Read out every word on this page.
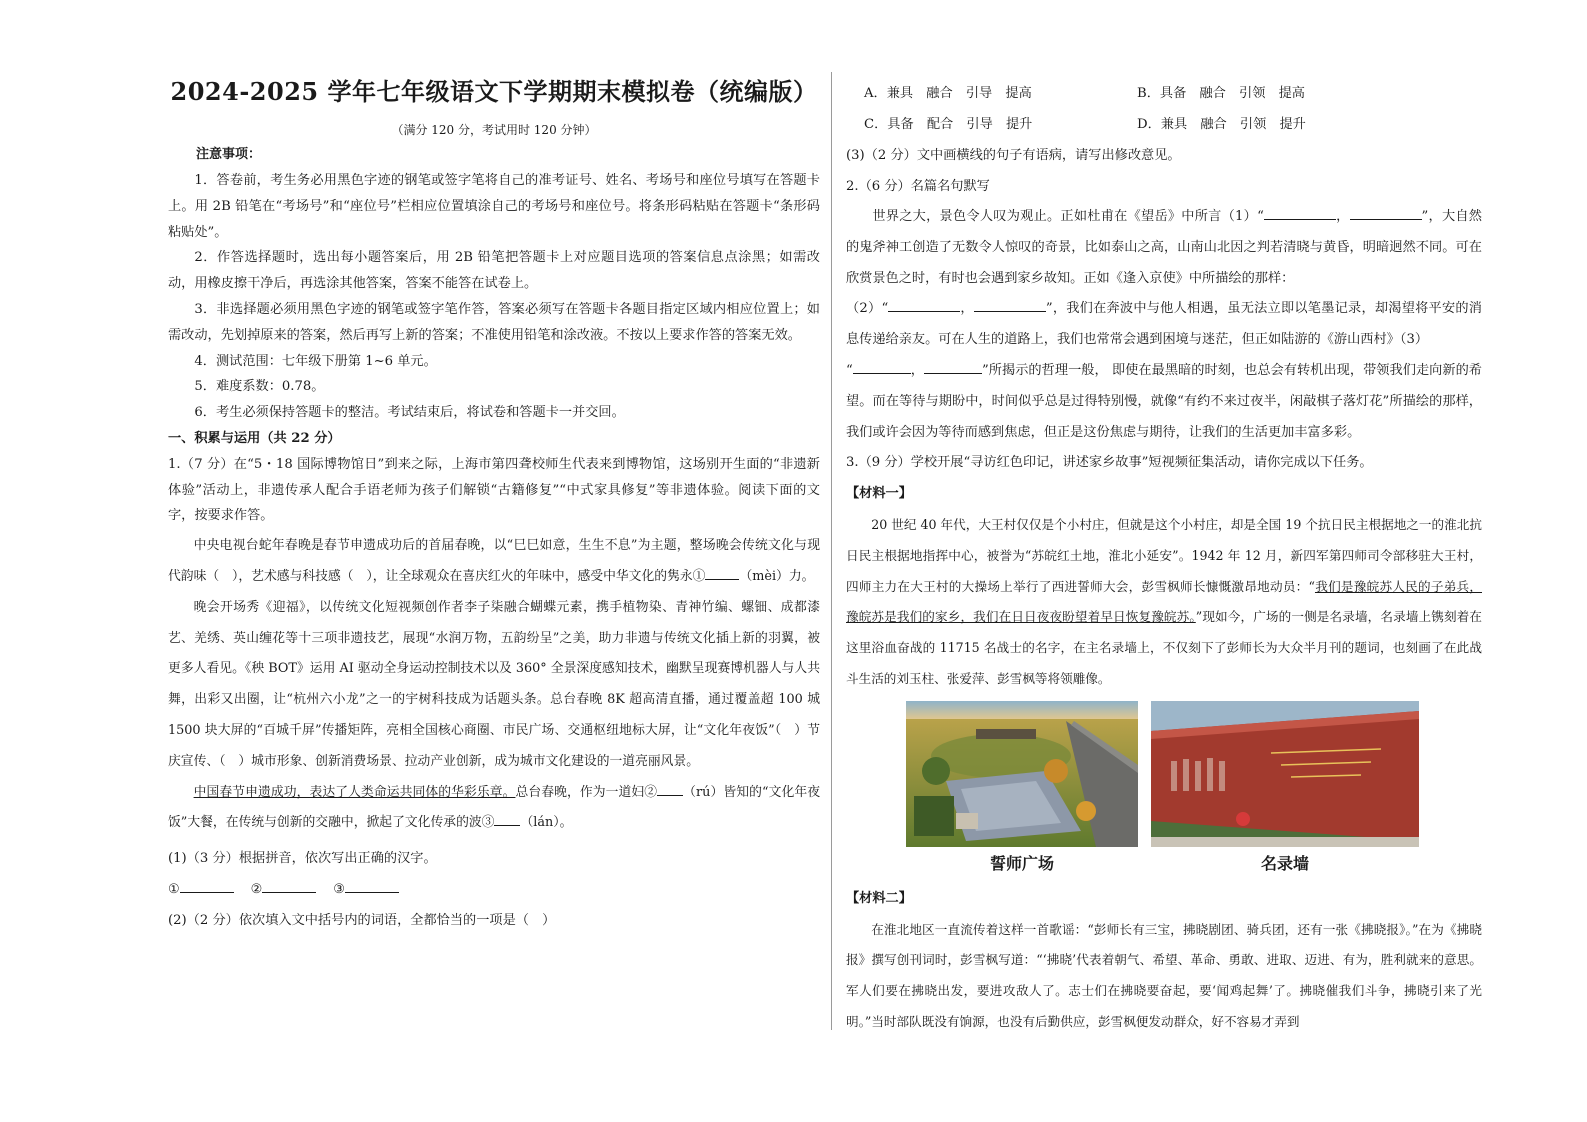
2024-2025 学年七年级语文下学期期末模拟卷（统编版）

（满分 120 分，考试用时 120 分钟）

注意事项：

1．答卷前，考生务必用黑色字迹的钢笔或签字笔将自己的准考证号、姓名、考场号和座位号填写在答题卡上。用 2B 铅笔在“考场号”和“座位号”栏相应位置填涂自己的考场号和座位号。将条形码粘贴在答题卡“条形码粘贴处”。

2．作答选择题时，选出每小题答案后，用 2B 铅笔把答题卡上对应题目选项的答案信息点涂黑；如需改动，用橡皮擦干净后，再选涂其他答案，答案不能答在试卷上。

3．非选择题必须用黑色字迹的钢笔或签字笔作答，答案必须写在答题卡各题目指定区域内相应位置上；如需改动，先划掉原来的答案，然后再写上新的答案；不准使用铅笔和涂改液。不按以上要求作答的答案无效。

4．测试范围：七年级下册第 1~6 单元。

5．难度系数：0.78。

6．考生必须保持答题卡的整洁。考试结束后，将试卷和答题卡一并交回。

一、积累与运用（共 22 分）

1.（7 分）在“5・18 国际博物馆日”到来之际，上海市第四聋校师生代表来到博物馆，这场别开生面的“非遗新体验”活动上，非遗传承人配合手语老师为孩子们解锁“古籍修复”“中式家具修复”等非遗体验。阅读下面的文字，按要求作答。

中央电视台蛇年春晚是春节申遗成功后的首届春晚，以“巳巳如意，生生不息”为主题，整场晚会传统文化与现代韵味（　），艺术感与科技感（　），让全球观众在喜庆红火的年味中，感受中华文化的隽永①	（mèi）力。

晚会开场秀《迎福》，以传统文化短视频创作者李子柒融合蝴蝶元素，携手植物染、青神竹编、螺钿、成都漆艺、羌绣、英山缠花等十三项非遗技艺，展现“水润万物，五韵纷呈”之美，助力非遗与传统文化插上新的羽翼，被更多人看见。《秧 BOT》运用 AI 驱动全身运动控制技术以及 360° 全景深度感知技术，幽默呈现赛博机器人与人共舞，出彩又出圈，让“杭州六小龙”之一的宇树科技成为话题头条。总台春晚 8K 超高清直播，通过覆盖超 100 城 1500 块大屏的“百城千屏”传播矩阵，亮相全国核心商圈、市民广场、交通枢纽地标大屏，让“文化年夜饭”（　）节庆宣传、（　）城市形象、创新消费场景、拉动产业创新，成为城市文化建设的一道亮丽风景。

中国春节申遗成功，表达了人类命运共同体的华彩乐章。总台春晚，作为一道妇② （rú）皆知的“文化年夜饭”大餐，在传统与创新的交融中，掀起了文化传承的波③ （lán）。

(1)（3 分）根据拼音，依次写出正确的汉字。

①	②	③

(2)（2 分）依次填入文中括号内的词语，全都恰当的一项是（　）

A．兼具　融合　引导　提高	B．具备　融合　引领　提高
C．具备　配合　引导　提升	D．兼具　融合　引领　提升

(3)（2 分）文中画横线的句子有语病，请写出修改意见。

2.（6 分）名篇名句默写

世界之大，景色令人叹为观止。正如杜甫在《望岳》中所言（1）“	，	”，大自然的鬼斧神工创造了无数令人惊叹的奇景，比如泰山之高，山南山北因之判若清晓与黄昏，明暗迥然不同。可在欣赏景色之时，有时也会遇到家乡故知。正如《逢入京使》中所描绘的那样：

（2）“	，	”，我们在奔波中与他人相遇，虽无法立即以笔墨记录，却渴望将平安的消息传递给亲友。可在人生的道路上，我们也常常会遇到困境与迷茫，但正如陆游的《游山西村》（3）
“	，	”所揭示的哲理一般， 即使在最黑暗的时刻，也总会有转机出现，带领我们走向新的希望。而在等待与期盼中，时间似乎总是过得特别慢，就像“有约不来过夜半，闲敲棋子落灯花”所描绘的那样，我们或许会因为等待而感到焦虑，但正是这份焦虑与期待，让我们的生活更加丰富多彩。

3.（9 分）学校开展“寻访红色印记，讲述家乡故事”短视频征集活动，请你完成以下任务。

【材料一】

20 世纪 40 年代，大王村仅仅是个小村庄，但就是这个小村庄，却是全国 19 个抗日民主根据地之一的淮北抗日民主根据地指挥中心，被誉为“苏皖红土地，淮北小延安”。1942 年 12 月，新四军第四师司令部移驻大王村，四师主力在大王村的大操场上举行了西进誓师大会，彭雪枫师长慷慨激昂地动员：“我们是豫皖苏人民的子弟兵，豫皖苏是我们的家乡，我们在日日夜夜盼望着早日恢复豫皖苏。”现如今，广场的一侧是名录墙，名录墙上镌刻着在这里浴血奋战的 11715 名战士的名字，在主名录墙上，不仅刻下了彭师长为大众半月刊的题词，也刻画了在此战斗生活的刘玉柱、张爱萍、彭雪枫等将领雕像。

誓师广场	名录墙

【材料二】

在淮北地区一直流传着这样一首歌谣：“彭师长有三宝，拂晓剧团、骑兵团，还有一张《拂晓报》。”在为《拂晓报》撰写创刊词时，彭雪枫写道：“‘拂晓’代表着朝气、希望、革命、勇敢、进取、迈进、有为，胜利就来的意思。军人们要在拂晓出发，要进攻敌人了。志士们在拂晓要奋起，要‘闻鸡起舞’了。拂晓催我们斗争，拂晓引来了光明。”当时部队既没有饷源，也没有后勤供应，彭雪枫便发动群众，好不容易才弄到
